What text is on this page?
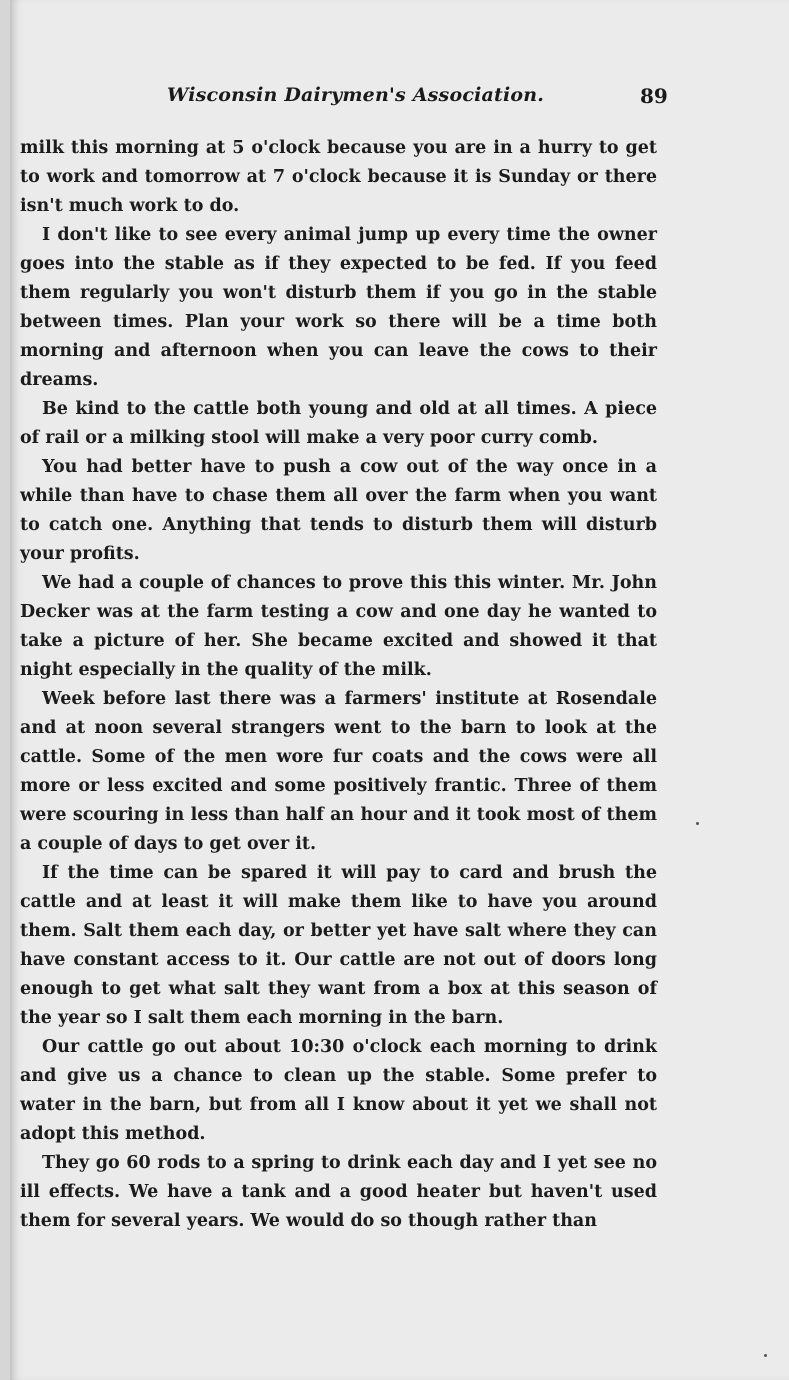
Wisconsin Dairymen's Association.	89

milk this morning at 5 o'clock because you are in a hurry to get to work and tomorrow at 7 o'clock because it is Sunday or there isn't much work to do.

I don't like to see every animal jump up every time the owner goes into the stable as if they expected to be fed. If you feed them regularly you won't disturb them if you go in the stable between times. Plan your work so there will be a time both morning and afternoon when you can leave the cows to their dreams.

Be kind to the cattle both young and old at all times. A piece of rail or a milking stool will make a very poor curry comb.

You had better have to push a cow out of the way once in a while than have to chase them all over the farm when you want to catch one. Anything that tends to disturb them will disturb your profits.

We had a couple of chances to prove this this winter. Mr. John Decker was at the farm testing a cow and one day he wanted to take a picture of her. She became excited and showed it that night especially in the quality of the milk.

Week before last there was a farmers' institute at Rosendale and at noon several strangers went to the barn to look at the cattle. Some of the men wore fur coats and the cows were all more or less excited and some positively frantic. Three of them were scouring in less than half an hour and it took most of them a couple of days to get over it.

If the time can be spared it will pay to card and brush the cattle and at least it will make them like to have you around them. Salt them each day, or better yet have salt where they can have constant access to it. Our cattle are not out of doors long enough to get what salt they want from a box at this season of the year so I salt them each morning in the barn.

Our cattle go out about 10:30 o'clock each morning to drink and give us a chance to clean up the stable. Some prefer to water in the barn, but from all I know about it yet we shall not adopt this method.

They go 60 rods to a spring to drink each day and I yet see no ill effects. We have a tank and a good heater but haven't used them for several years. We would do so though rather than
